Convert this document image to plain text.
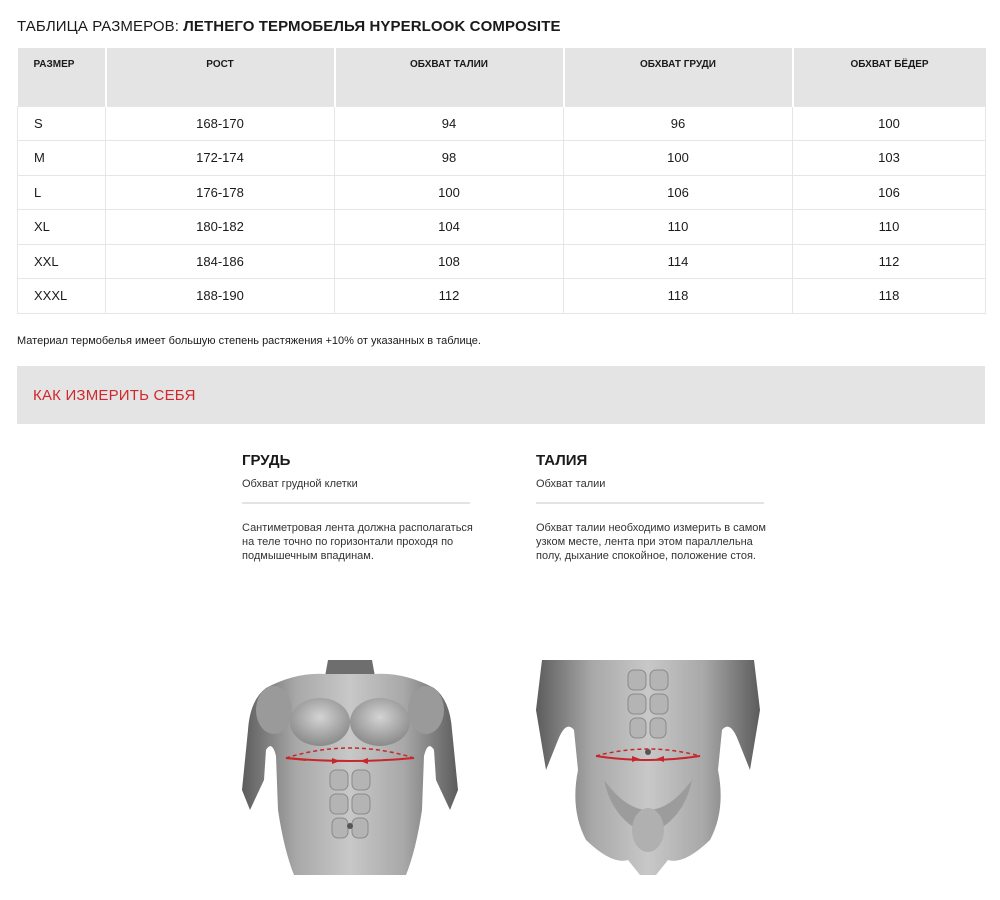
ТАБЛИЦА РАЗМЕРОВ: ЛЕТНЕГО ТЕРМОБЕЛЬЯ HYPERLOOK COMPOSITE
РАЗМЕР	РОСТ	ОБХВАТ ТАЛИИ	ОБХВАТ ГРУДИ	ОБХВАТ БЁДЕР
S	168-170	94	96	100
M	172-174	98	100	103
L	176-178	100	106	106
XL	180-182	104	110	110
XXL	184-186	108	114	112
XXXL	188-190	112	118	118
Материал термобелья имеет большую степень растяжения +10% от указанных в таблице.
КАК ИЗМЕРИТЬ СЕБЯ
ГРУДЬ
Обхват грудной клетки
Сантиметровая лента должна располагаться на теле точно по горизонтали проходя по подмышечным впадинам.
ТАЛИЯ
Обхват талии
Обхват талии необходимо измерить в самом узком месте, лента при этом параллельна полу, дыхание спокойное, положение стоя.
